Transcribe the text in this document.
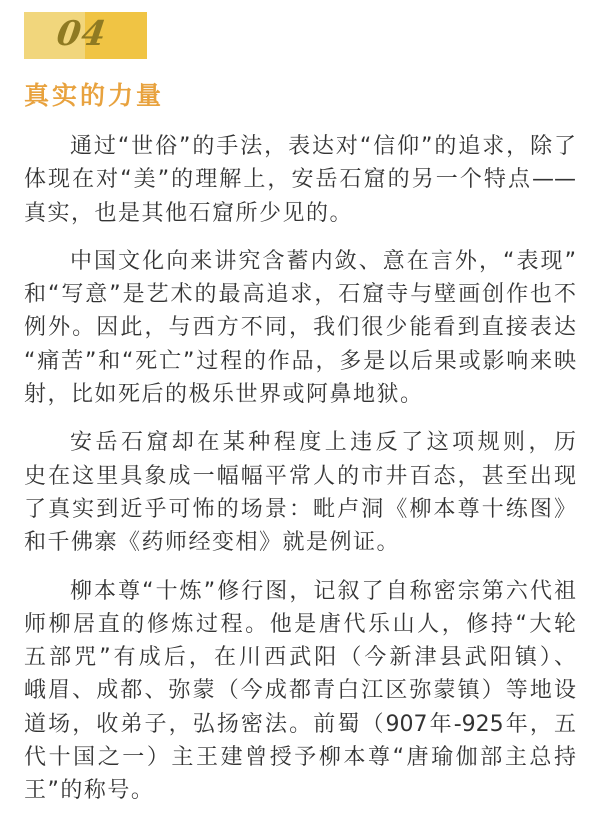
04
真实的力量
通过“世俗”的手法，表达对“信仰”的追求，除了
体现在对“美”的理解上，安岳石窟的另一个特点——
真实，也是其他石窟所少见的。
中国文化向来讲究含蓄内敛、意在言外，“表现”
和“写意”是艺术的最高追求，石窟寺与壁画创作也不
例外。因此，与西方不同，我们很少能看到直接表达
“痛苦”和“死亡”过程的作品，多是以后果或影响来映
射，比如死后的极乐世界或阿鼻地狱。
安岳石窟却在某种程度上违反了这项规则，历
史在这里具象成一幅幅平常人的市井百态，甚至出现
了真实到近乎可怖的场景：毗卢洞《柳本尊十练图》
和千佛寨《药师经变相》就是例证。
柳本尊“十炼”修行图，记叙了自称密宗第六代祖
师柳居直的修炼过程。他是唐代乐山人，修持“大轮
五部咒”有成后，在川西武阳（今新津县武阳镇）、
峨眉、成都、弥蒙（今成都青白江区弥蒙镇）等地设
道场，收弟子，弘扬密法。前蜀（907年-925年，五
代十国之一）主王建曾授予柳本尊“唐瑜伽部主总持
王”的称号。
